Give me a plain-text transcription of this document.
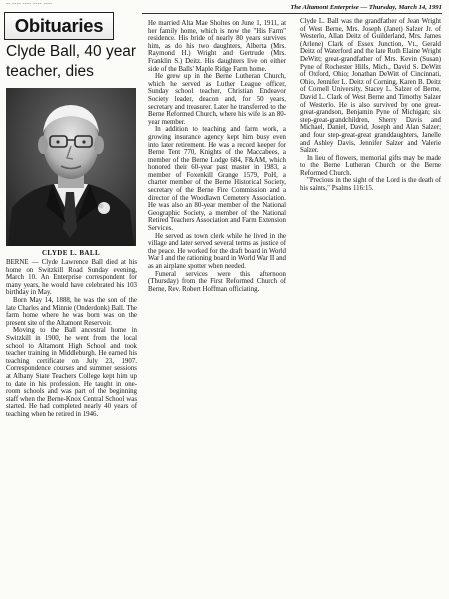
-- ---- ---- ---- ----	The Altamont Enterprise — Thursday, March 14, 1991
Obituaries
Clyde Ball, 40 year teacher, dies
CLYDE L. BALL

BERNE — Clyde Lawrence Ball died at his home on Switzkill Road Sunday evening, March 10. An Enterprise correspondent for many years, he would have celebrated his 103 birthday in May.

Born May 14, 1888, he was the son of the late Charles and Minnie (Onderdonk) Ball. The farm home where he was born was on the present site of the Altamont Reservoir.

Moving to the Ball ancestral home in Switzkill in 1900, he went from the local school to Altamont High School and took teacher training in Middleburgh. He earned his teaching certificate on July 23, 1907. Correspondence courses and summer sessions at Albany State Teachers College kept him up to date in his profession. He taught in one-room schools and was part of the beginning staff when the Berne-Knox Central School was started. He had completed nearly 40 years of teaching when he retired in 1946.

He married Alta Mae Sholtes on June 1, 1911, at her family home, which is now the "His Farm" residence. His bride of nearly 80 years survives him, as do his two daughters, Alberta (Mrs. Raymond H.) Wright and Gertrude (Mrs. Franklin S.) Deitz. His daughters live on either side of the Balls' Maple Ridge Farm home.

He grew up in the Berne Lutheran Church, which he served as Luther League officer, Sunday school teacher, Christian Endeavor Society leader, deacon and, for 50 years, secretary and treasurer. Later he transferred to the Berne Reformed Church, where his wife is an 80-year member.

In addition to teaching and farm work, a growing insurance agency kept him busy even into later retirement. He was a record keeper for Berne Tent 770, Knights of the Maccabees, a member of the Berne Lodge 684, F&AM, which honored their 60-year past master in 1983, a member of Foxenkill Grange 1579, PoH, a charter member of the Berne Historical Society, secretary of the Berne Fire Commission and a director of the Woodlawn Cemetery Association. He was also an 80-year member of the National Geographic Society, a member of the National Retired Teachers Association and Farm Extension Services.

He served as town clerk while he lived in the village and later served several terms as justice of the peace. He worked for the draft board in World War I and the rationing board in World War II and as an airplane spotter when needed.

Funeral services were this afternoon (Thursday) from the First Reformed Church of Berne, Rev. Robert Hoffman officiating.

Clyde L. Ball was the grandfather of Jean Wright of West Berne, Mrs. Joseph (Janet) Salzer Jr. of Westerlo, Allan Deitz of Guilderland, Mrs. James (Arlene) Clark of Essex Junction, Vt., Gerald Deitz of Waterford and the late Ruth Elaine Wright DeWitt; great-grandfather of Mrs. Kevin (Susan) Pyne of Rochester Hills, Mich., David S. DeWitt of Oxford, Ohio; Jonathan DeWitt of Cincinnati, Ohio, Jennifer L. Deitz of Corning, Karen B. Deitz of Cornell University, Stacey L. Salzer of Berne, David L. Clark of West Berne and Timothy Salzer of Westerlo. He is also survived by one great-great-grandson, Benjamin Pyne of Michigan; six step-great-grandchildren, Sherry Davis and Michael, Daniel, David, Joseph and Alan Salzer; and four step-great-great granddaughters, Janelle and Ashley Davis, Jennifer Salzer and Valerie Salzer.

In lieu of flowers, memorial gifts may be made to the Berne Lutheran Church or the Berne Reformed Church.

"Precious in the sight of the Lord is the death of his saints," Psalms 116:15.
